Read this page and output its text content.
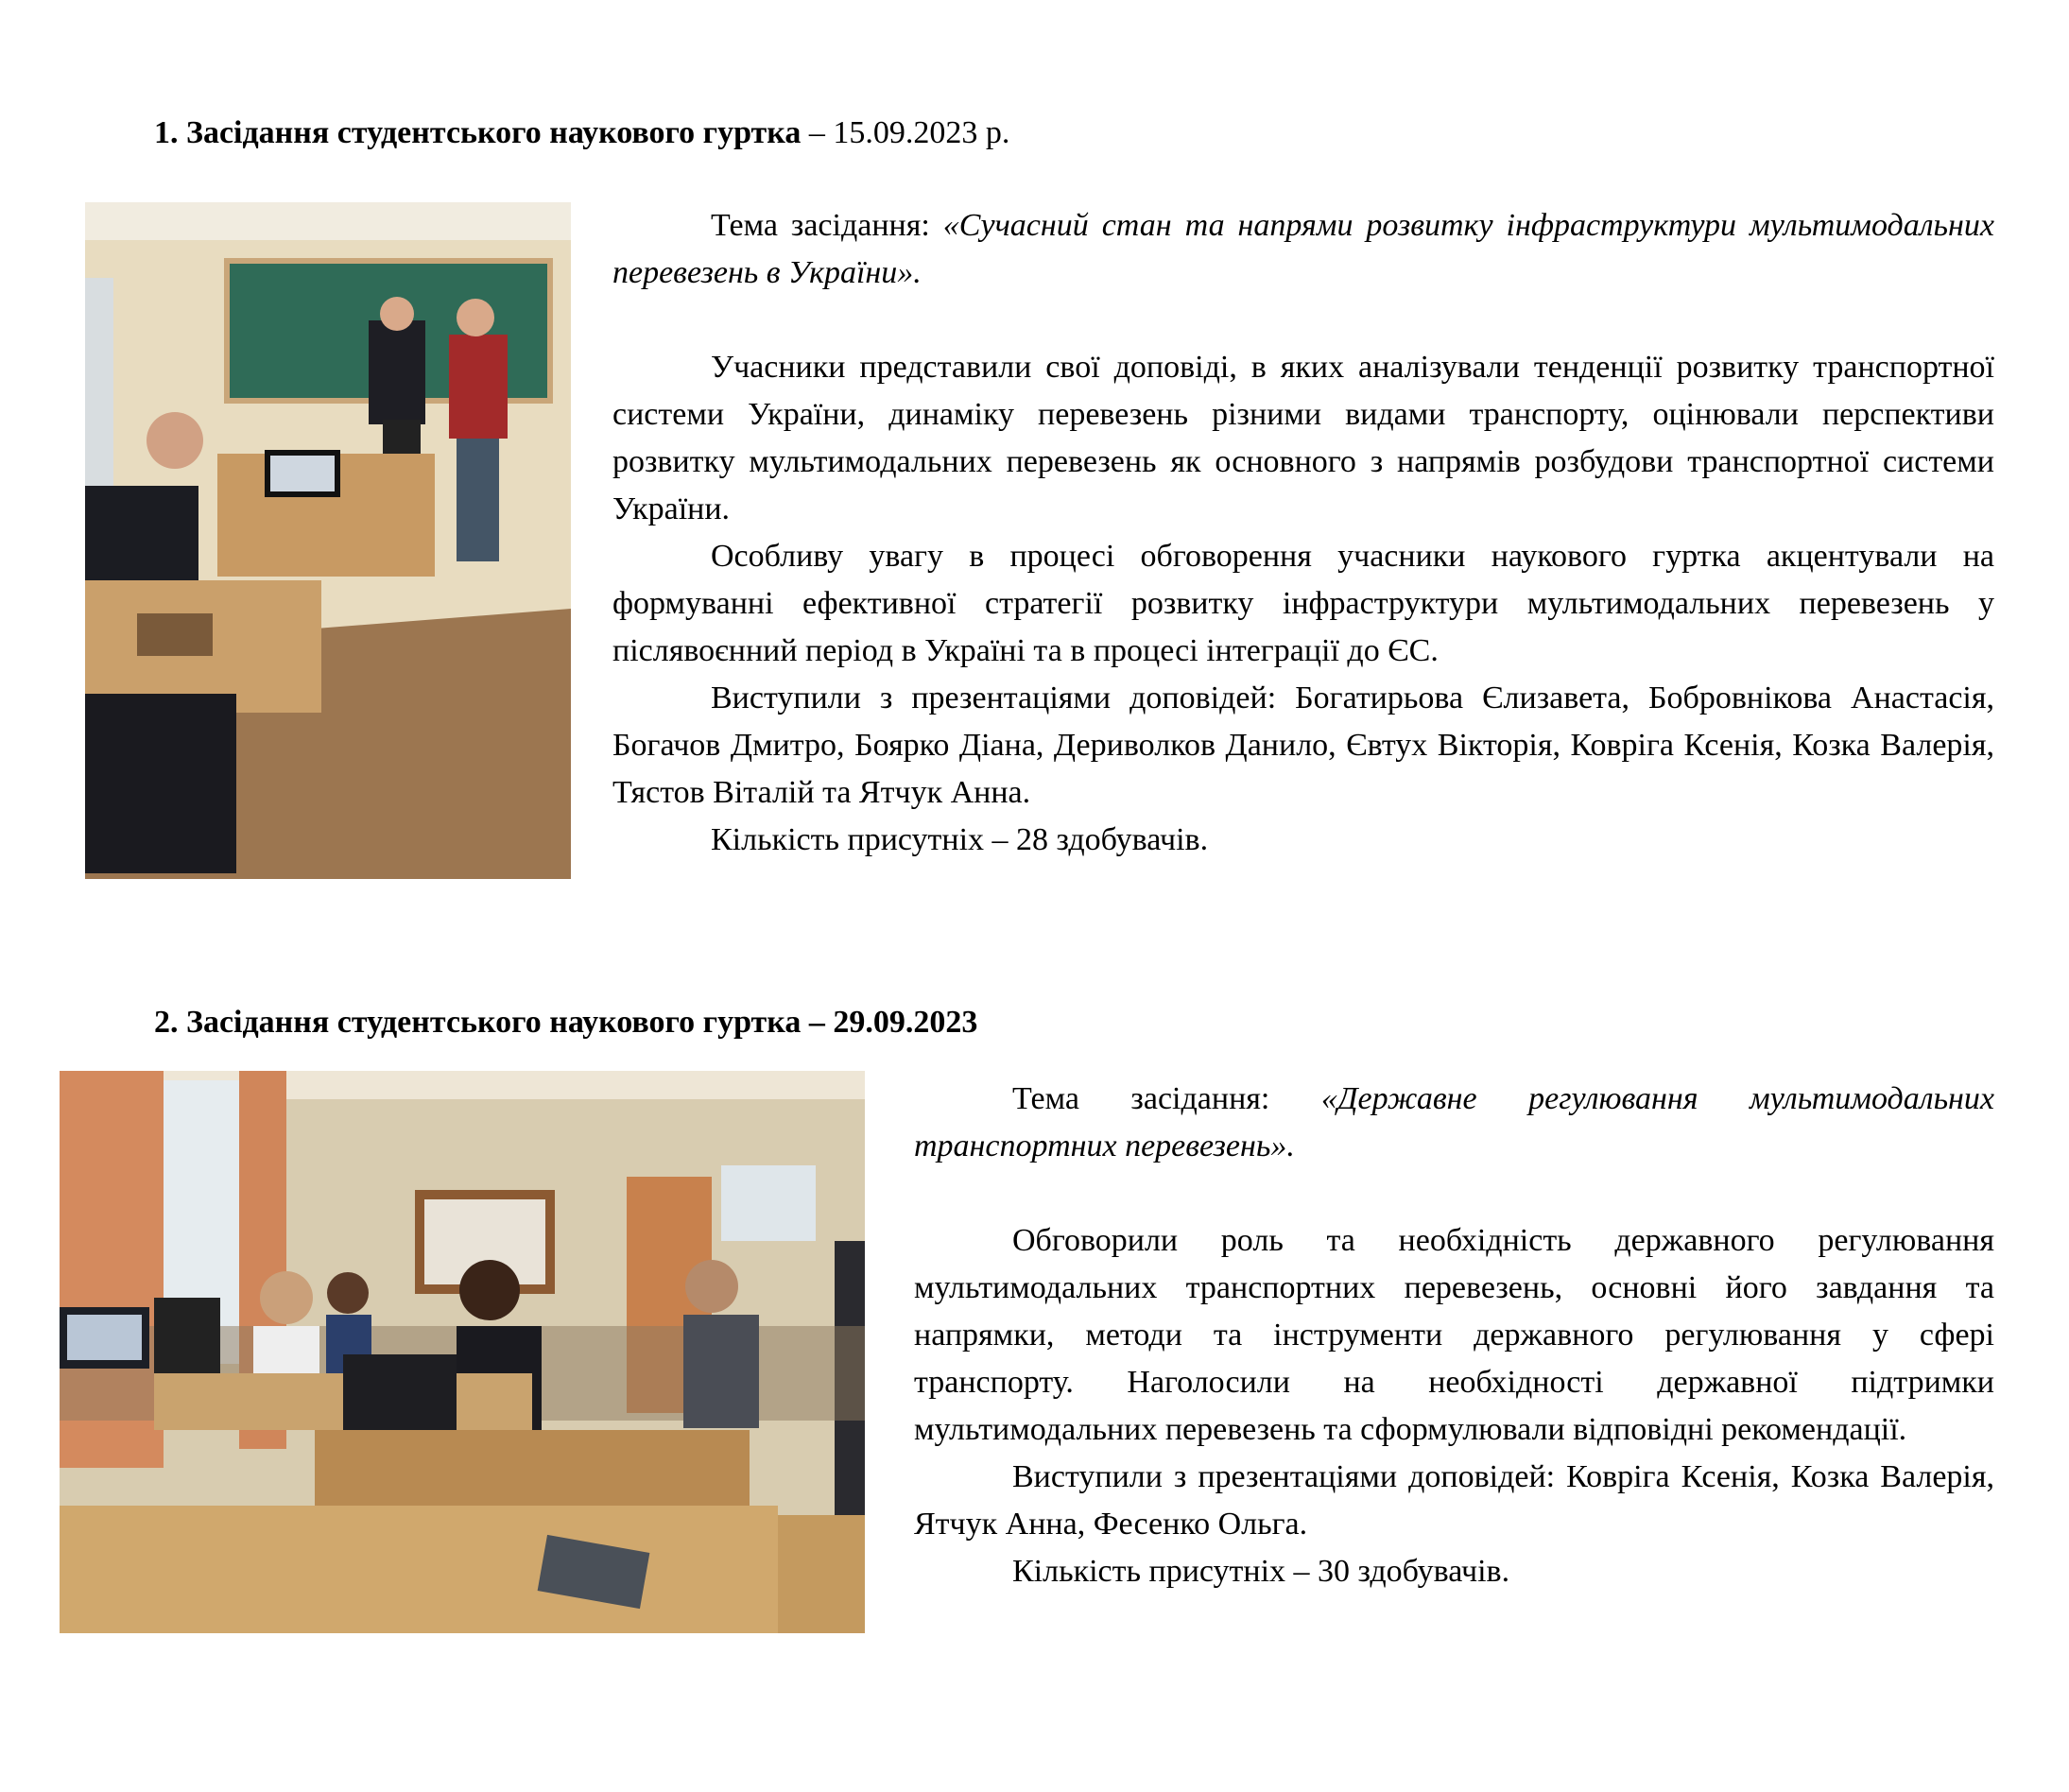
1. Засідання студентського наукового гуртка – 15.09.2023 р.

Тема засідання: «Сучасний стан та напрями розвитку інфраструктури мультимодальних перевезень в України».

Учасники представили свої доповіді, в яких аналізували тенденції розвитку транспортної системи України, динаміку перевезень різними видами транспорту, оцінювали перспективи розвитку мультимодальних перевезень як основного з напрямів розбудови транспортної системи України.

Особливу увагу в процесі обговорення учасники наукового гуртка акцентували на формуванні ефективної стратегії розвитку інфраструктури мультимодальних перевезень у післявоєнний період в Україні та в процесі інтеграції до ЄС.

Виступили з презентаціями доповідей: Богатирьова Єлизавета, Бобровнікова Анастасія, Богачов Дмитро, Боярко Діана, Дериволков Данило, Євтух Вікторія, Ковріга Ксенія, Козка Валерія, Тястов Віталій та Ятчук Анна.

Кількість присутніх – 28 здобувачів.

2. Засідання студентського наукового гуртка – 29.09.2023

Тема засідання: «Державне регулювання мультимодальних транспортних перевезень».

Обговорили роль та необхідність державного регулювання мультимодальних транспортних перевезень, основні його завдання та напрямки, методи та інструменти державного регулювання у сфері транспорту. Наголосили на необхідності державної підтримки мультимодальних перевезень та сформулювали відповідні рекомендації.

Виступили з презентаціями доповідей: Ковріга Ксенія, Козка Валерія, Ятчук Анна, Фесенко Ольга.

Кількість присутніх – 30 здобувачів.
